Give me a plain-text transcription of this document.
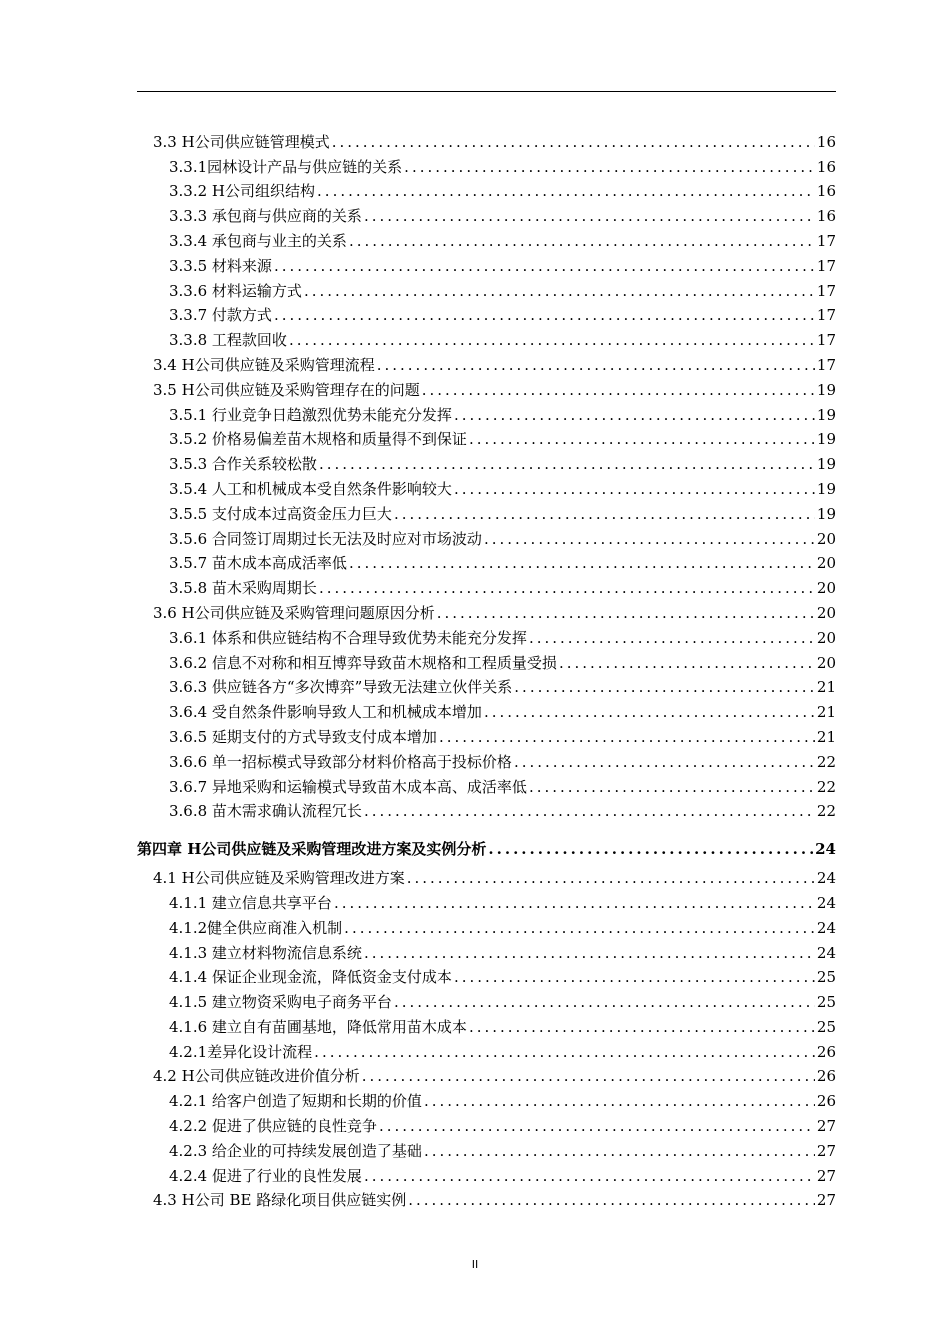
3.3 H公司供应链管理模式 .....	16
3.3.1园林设计产品与供应链的关系 .....	16
3.3.2 H公司组织结构 .....	16
3.3.3 承包商与供应商的关系 .....	16
3.3.4 承包商与业主的关系 .....	17
3.3.5 材料来源 .....	17
3.3.6 材料运输方式 .....	17
3.3.7 付款方式 .....	17
3.3.8 工程款回收 .....	17
3.4 H公司供应链及采购管理流程 .....	17
3.5 H公司供应链及采购管理存在的问题 .....	19
3.5.1 行业竞争日趋激烈优势未能充分发挥 .....	19
3.5.2 价格易偏差苗木规格和质量得不到保证 .....	19
3.5.3 合作关系较松散 .....	19
3.5.4 人工和机械成本受自然条件影响较大 .....	19
3.5.5 支付成本过高资金压力巨大 .....	19
3.5.6 合同签订周期过长无法及时应对市场波动 .....	20
3.5.7 苗木成本高成活率低 .....	20
3.5.8 苗木采购周期长 .....	20
3.6 H公司供应链及采购管理问题原因分析 .....	20
3.6.1 体系和供应链结构不合理导致优势未能充分发挥 .....	20
3.6.2 信息不对称和相互博弈导致苗木规格和工程质量受损 .....	20
3.6.3 供应链各方“多次博弈”导致无法建立伙伴关系 .....	21
3.6.4 受自然条件影响导致人工和机械成本增加 .....	21
3.6.5 延期支付的方式导致支付成本增加 .....	21
3.6.6 单一招标模式导致部分材料价格高于投标价格 .....	22
3.6.7 异地采购和运输模式导致苗木成本高、成活率低 .....	22
3.6.8 苗木需求确认流程冗长 .....	22
第四章 H公司供应链及采购管理改进方案及实例分析 .....	24
4.1 H公司供应链及采购管理改进方案 .....	24
4.1.1 建立信息共享平台 .....	24
4.1.2健全供应商准入机制 .....	24
4.1.3 建立材料物流信息系统 .....	24
4.1.4 保证企业现金流，降低资金支付成本 .....	25
4.1.5 建立物资采购电子商务平台 .....	25
4.1.6 建立自有苗圃基地，降低常用苗木成本 .....	25
4.2.1差异化设计流程 .....	26
4.2 H公司供应链改进价值分析 .....	26
4.2.1 给客户创造了短期和长期的价值 .....	26
4.2.2 促进了供应链的良性竞争 .....	27
4.2.3 给企业的可持续发展创造了基础 .....	27
4.2.4 促进了行业的良性发展 .....	27
4.3 H公司 BE 路绿化项目供应链实例 .....	27
II
